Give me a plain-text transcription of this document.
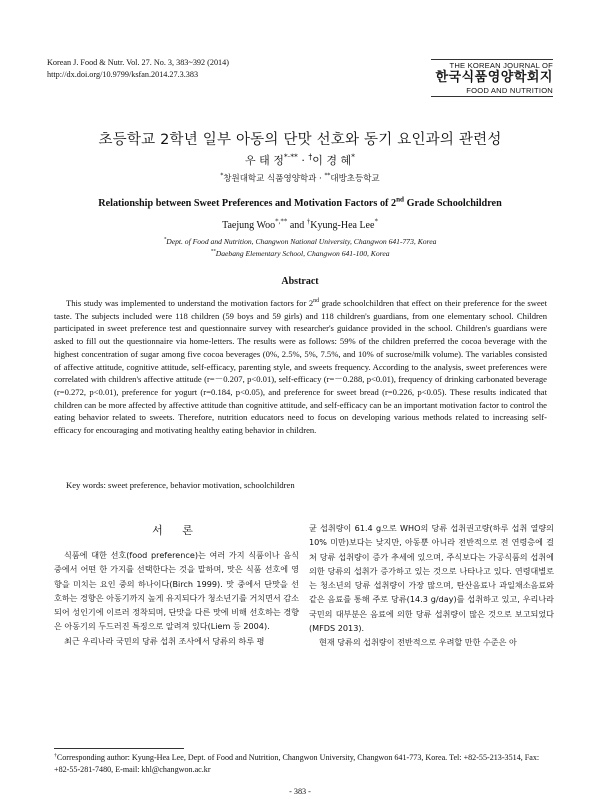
Korean J. Food & Nutr. Vol. 27. No. 3, 383~392 (2014)
http://dx.doi.org/10.9799/ksfan.2014.27.3.383
THE KOREAN JOURNAL OF
한국식품영양학회지
FOOD AND NUTRITION
초등학교 2학년 일부 아동의 단맛 선호와 동기 요인과의 관련성
우 태 정*·** · †이 경 혜*
*창원대학교 식품영양학과 · **대방초등학교
Relationship between Sweet Preferences and Motivation Factors of 2nd Grade Schoolchildren
Taejung Woo*,** and †Kyung-Hea Lee*
*Dept. of Food and Nutrition, Changwon National University, Changwon 641-773, Korea
**Daebang Elementary School, Changwon 641-100, Korea
Abstract

This study was implemented to understand the motivation factors for 2nd grade schoolchildren that effect on their preference for the sweet taste. The subjects included were 118 children (59 boys and 59 girls) and 118 children's guardians, from one elementary school. Children participated in sweet preference test and questionnaire survey with researcher's guidance provided in the school. Children's guardians were asked to fill out the questionnaire via home-letters. The results were as follows: 59% of the children preferred the cocoa beverage with the highest concentration of sugar among five cocoa beverages (0%, 2.5%, 5%, 7.5%, and 10% of sucrose/milk volume). The variables consisted of affective attitude, cognitive attitude, self-efficacy, parenting style, and sweets frequency. According to the analysis, sweet preferences were correlated with children's affective attitude (r=－0.207, p<0.01), self-efficacy (r=－0.288, p<0.01), frequency of drinking carbonated beverage (r=0.272, p<0.01), preference for yogurt (r=0.184, p<0.05), and preference for sweet bread (r=0.226, p<0.05). These results indicated that children can be more affected by affective attitude than cognitive attitude, and self-efficacy can be an important motivation factor to control the eating behavior related to sweets. Therefore, nutrition educators need to focus on developing various methods related to increasing self-efficacy for encouraging and motivating healthy eating behavior in children.

Key words: sweet preference, behavior motivation, schoolchildren
서 론

식품에 대한 선호(food preference)는 여러 가지 식품이나 음식 중에서 어떤 한 가지를 선택한다는 것을 말하며, 맛은 식품 선호에 영향을 미치는 요인 중의 하나이다(Birch 1999). 맛 중에서 단맛을 선호하는 경향은 아동기까지 높게 유지되다가 청소년기를 거치면서 감소되어 성인기에 이르러 정착되며, 단맛을 다른 맛에 비해 선호하는 경향은 아동기의 두드러진 특징으로 알려져 있다(Liem 등 2004).

최근 우리나라 국민의 당류 섭취 조사에서 당류의 하루 평

균 섭취량이 61.4 g으로 WHO의 당류 섭취권고량(하루 섭취 열량의 10% 미만)보다는 낮지만, 아동뿐 아니라 전반적으로 전 연령층에 걸쳐 당류 섭취량이 증가 추세에 있으며, 주식보다는 가공식품의 섭취에 의한 당류의 섭취가 증가하고 있는 것으로 나타나고 있다. 연령대별로는 청소년의 당류 섭취량이 가장 많으며, 탄산음료나 과일채소음료와 같은 음료를 통해 주로 당류(14.3 g/day)를 섭취하고 있고, 우리나라 국민의 대부분은 음료에 의한 당류 섭취량이 많은 것으로 보고되었다(MFDS 2013).

현재 당류의 섭취량이 전반적으로 우려할 만한 수준은 아

†Corresponding author: Kyung-Hea Lee, Dept. of Food and Nutrition, Changwon University, Changwon 641-773, Korea. Tel: +82-55-213-3514, Fax: +82-55-281-7480, E-mail: khl@changwon.ac.kr
- 383 -
